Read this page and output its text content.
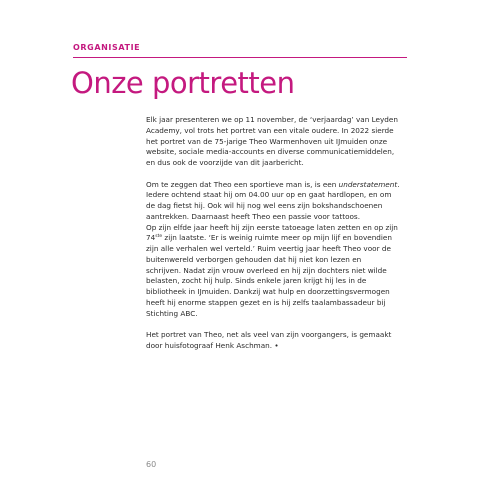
ORGANISATIE
Onze portretten
Elk jaar presenteren we op 11 november, de ‘verjaardag’ van Leyden
Academy, vol trots het portret van een vitale oudere. In 2022 sierde
het portret van de 75-jarige Theo Warmenhoven uit IJmuiden onze
website, sociale media-accounts en diverse communicatiemiddelen,
en dus ook de voorzijde van dit jaarbericht.
Om te zeggen dat Theo een sportieve man is, is een understatement.
Iedere ochtend staat hij om 04.00 uur op en gaat hardlopen, en om
de dag fietst hij. Ook wil hij nog wel eens zijn bokshandschoenen
aantrekken. Daarnaast heeft Theo een passie voor tattoos.
Op zijn elfde jaar heeft hij zijn eerste tatoeage laten zetten en op zijn
74ste zijn laatste. ‘Er is weinig ruimte meer op mijn lijf en bovendien
zijn alle verhalen wel verteld.’ Ruim veertig jaar heeft Theo voor de
buitenwereld verborgen gehouden dat hij niet kon lezen en
schrijven. Nadat zijn vrouw overleed en hij zijn dochters niet wilde
belasten, zocht hij hulp. Sinds enkele jaren krijgt hij les in de
bibliotheek in IJmuiden. Dankzij wat hulp en doorzettingsvermogen
heeft hij enorme stappen gezet en is hij zelfs taalambassadeur bij
Stichting ABC.
Het portret van Theo, net als veel van zijn voorgangers, is gemaakt
door huisfotograaf Henk Aschman. •
60
